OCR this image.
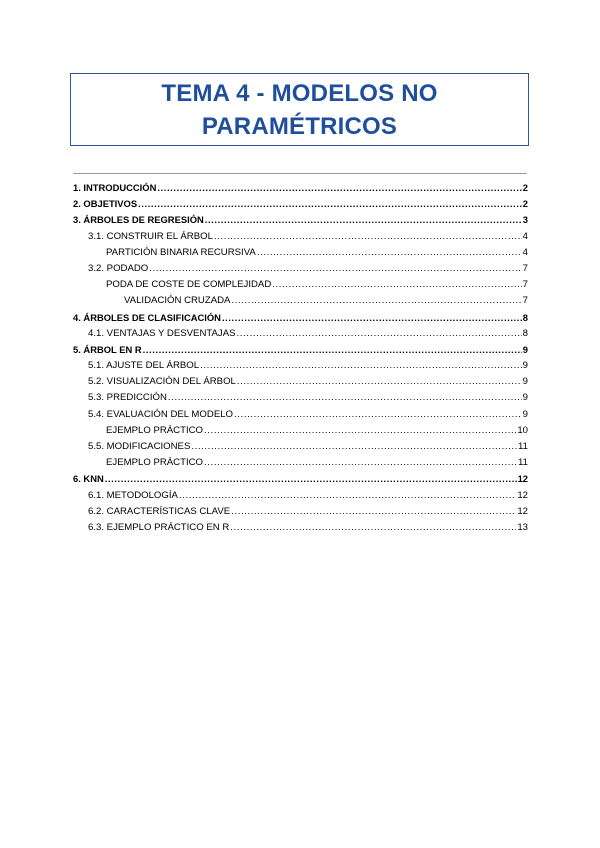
TEMA 4 - MODELOS NO
PARAMÉTRICOS
1. INTRODUCCIÓN .....	2
2. OBJETIVOS .....	2
3. ÁRBOLES DE REGRESIÓN .....	3
3.1. CONSTRUIR EL ÁRBOL .....	4
PARTICIÓN BINARIA RECURSIVA .....	4
3.2. PODADO .....	7
PODA DE COSTE DE COMPLEJIDAD .....	7
VALIDACIÓN CRUZADA .....	7
4. ÁRBOLES DE CLASIFICACIÓN .....	8
4.1. VENTAJAS Y DESVENTAJAS .....	8
5. ÁRBOL EN R .....	9
5.1. AJUSTE DEL ÁRBOL .....	9
5.2. VISUALIZACIÓN DEL ÁRBOL .....	9
5.3. PREDICCIÓN .....	9
5.4. EVALUACIÓN DEL MODELO .....	9
EJEMPLO PRÁCTICO .....	10
5.5. MODIFICACIONES .....	11
EJEMPLO PRÁCTICO .....	11
6. KNN .....	12
6.1. METODOLOGÍA .....	12
6.2. CARACTERÍSTICAS CLAVE .....	12
6.3. EJEMPLO PRÁCTICO EN R .....	13
